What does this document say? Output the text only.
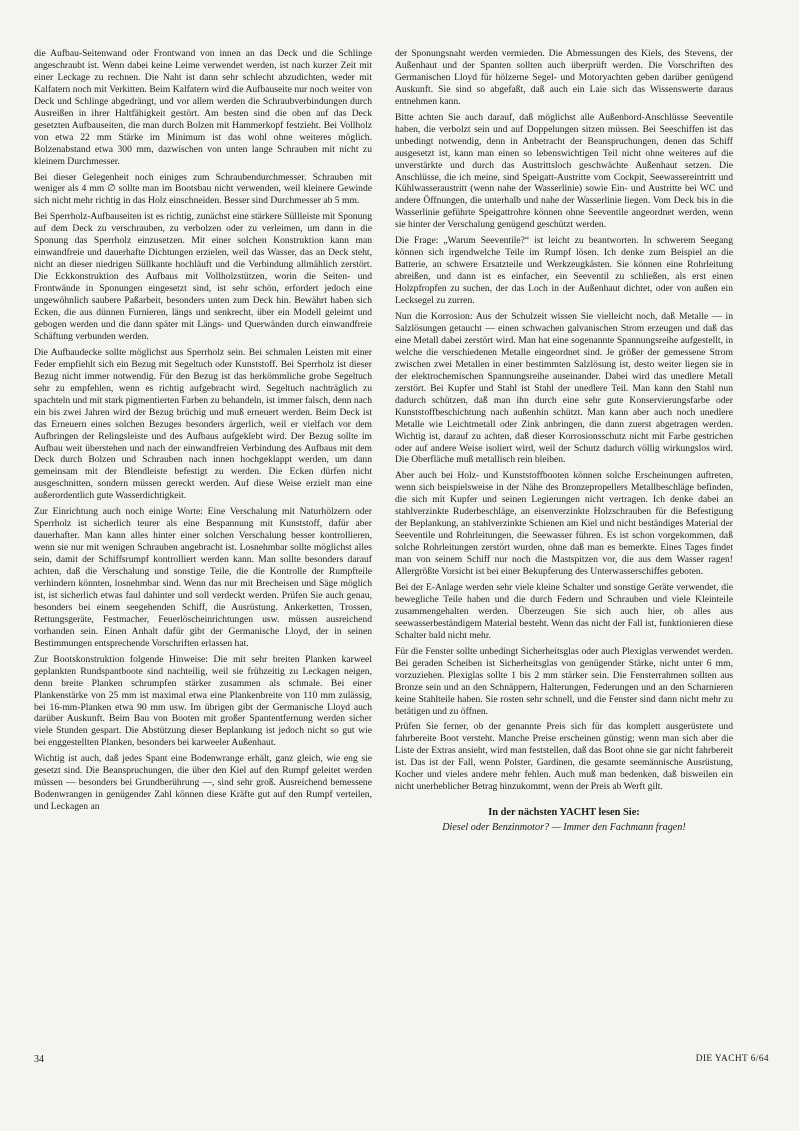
die Aufbau-Seitenwand oder Frontwand von innen an das Deck und die Schlinge angeschraubt ist. Wenn dabei keine Leime verwendet werden, ist nach kurzer Zeit mit einer Leckage zu rechnen. Die Naht ist dann sehr schlecht abzudichten, weder mit Kalfatern noch mit Verkitten. Beim Kalfatern wird die Aufbauseite nur noch weiter von Deck und Schlinge abgedrängt, und vor allem werden die Schraubverbindungen durch Ausreißen in ihrer Haltfähigkeit gestört. Am besten sind die oben auf das Deck gesetzten Aufbauseiten, die man durch Bolzen mit Hammerkopf festzieht. Bei Vollholz von etwa 22 mm Stärke im Minimum ist das wohl ohne weiteres möglich. Bolzenabstand etwa 300 mm, dazwischen von unten lange Schrauben mit nicht zu kleinem Durchmesser.

Bei dieser Gelegenheit noch einiges zum Schraubendurchmesser. Schrauben mit weniger als 4 mm ∅ sollte man im Bootsbau nicht verwenden, weil kleinere Gewinde sich nicht mehr richtig in das Holz einschneiden. Besser sind Durchmesser ab 5 mm.

Bei Sperrholz-Aufbauseiten ist es richtig, zunächst eine stärkere Süllleiste mit Sponung auf dem Deck zu verschrauben, zu verbolzen oder zu verleimen, um dann in die Sponung das Sperrholz einzusetzen. Mit einer solchen Konstruktion kann man einwandfreie und dauerhafte Dichtungen erzielen, weil das Wasser, das an Deck steht, nicht an dieser niedrigen Süllkante hochläuft und die Verbindung allmählich zerstört. Die Eckkonstruktion des Aufbaus mit Vollholzstützen, worin die Seiten- und Frontwände in Sponungen eingesetzt sind, ist sehr schön, erfordert jedoch eine ungewöhnlich saubere Paßarbeit, besonders unten zum Deck hin. Bewährt haben sich Ecken, die aus dünnen Furnieren, längs und senkrecht, über ein Modell geleimt und gebogen werden und die dann später mit Längs- und Querwänden durch einwandfreie Schäftung verbunden werden.

Die Aufbaudecke sollte möglichst aus Sperrholz sein. Bei schmalen Leisten mit einer Feder empfiehlt sich ein Bezug mit Segeltuch oder Kunststoff. Bei Sperrholz ist dieser Bezug nicht immer notwendig. Für den Bezug ist das herkömmliche grobe Segeltuch sehr zu empfehlen, wenn es richtig aufgebracht wird. Segeltuch nachträglich zu spachteln und mit stark pigmentierten Farben zu behandeln, ist immer falsch, denn nach ein bis zwei Jahren wird der Bezug brüchig und muß erneuert werden. Beim Deck ist das Erneuern eines solchen Bezuges besonders ärgerlich, weil er vielfach vor dem Aufbringen der Relingsleiste und des Aufbaus aufgeklebt wird. Der Bezug sollte im Aufbau weit überstehen und nach der einwandfreien Verbindung des Aufbaus mit dem Deck durch Bolzen und Schrauben nach innen hochgeklappt werden, um dann gemeinsam mit der Blendleiste befestigt zu werden. Die Ecken dürfen nicht ausgeschnitten, sondern müssen gereckt werden. Auf diese Weise erzielt man eine außerordentlich gute Wasserdichtigkeit.

Zur Einrichtung auch noch einige Worte: Eine Verschalung mit Naturhölzern oder Sperrholz ist sicherlich teurer als eine Bespannung mit Kunststoff, dafür aber dauerhafter. Man kann alles hinter einer solchen Verschalung besser kontrollieren, wenn sie nur mit wenigen Schrauben angebracht ist. Losnehmbar sollte möglichst alles sein, damit der Schiffsrumpf kontrolliert werden kann. Man sollte besonders darauf achten, daß die Verschalung und sonstige Teile, die die Kontrolle der Rumpfteile verhindern könnten, losnehmbar sind. Wenn das nur mit Brecheisen und Säge möglich ist, ist sicherlich etwas faul dahinter und soll verdeckt werden. Prüfen Sie auch genau, besonders bei einem seegehenden Schiff, die Ausrüstung. Ankerketten, Trossen, Rettungsgeräte, Festmacher, Feuerlöscheinrichtungen usw. müssen ausreichend vorhanden sein. Einen Anhalt dafür gibt der Germanische Lloyd, der in seinen Bestimmungen entsprechende Vorschriften erlassen hat.

Zur Bootskonstruktion folgende Hinweise: Die mit sehr breiten Planken karweel geplankten Rundspantboote sind nachteilig, weil sie frühzeitig zu Leckagen neigen, denn breite Planken schrumpfen stärker zusammen als schmale. Bei einer Plankenstärke von 25 mm ist maximal etwa eine Plankenbreite von 110 mm zulässig, bei 16-mm-Planken etwa 90 mm usw. Im übrigen gibt der Germanische Lloyd auch darüber Auskunft. Beim Bau von Booten mit großer Spantentfernung werden sicher viele Stunden gespart. Die Abstützung dieser Beplankung ist jedoch nicht so gut wie bei enggestellten Planken, besonders bei karweeler Außenhaut.

Wichtig ist auch, daß jedes Spant eine Bodenwrange erhält, ganz gleich, wie eng sie gesetzt sind. Die Beanspruchungen, die über den Kiel auf den Rumpf geleitet werden müssen — besonders bei Grundberührung —, sind sehr groß. Ausreichend bemessene Bodenwrangen in genügender Zahl können diese Kräfte gut auf den Rumpf verteilen, und Leckagen an

der Sponungsnaht werden vermieden. Die Abmessungen des Kiels, des Stevens, der Außenhaut und der Spanten sollten auch überprüft werden. Die Vorschriften des Germanischen Lloyd für hölzerne Segel- und Motoryachten geben darüber genügend Auskunft. Sie sind so abgefaßt, daß auch ein Laie sich das Wissenswerte daraus entnehmen kann.

Bitte achten Sie auch darauf, daß möglichst alle Außenbord-Anschlüsse Seeventile haben, die verbolzt sein und auf Doppelungen sitzen müssen. Bei Seeschiffen ist das unbedingt notwendig, denn in Anbetracht der Beanspruchungen, denen das Schiff ausgesetzt ist, kann man einen so lebenswichtigen Teil nicht ohne weiteres auf die unverstärkte und durch das Austrittsloch geschwächte Außenhaut setzen. Die Anschlüsse, die ich meine, sind Speigatt-Austritte vom Cockpit, Seewassereintritt und Kühlwasseraustritt (wenn nahe der Wasserlinie) sowie Ein- und Austritte bei WC und andere Öffnungen, die unterhalb und nahe der Wasserlinie liegen. Vom Deck bis in die Wasserlinie geführte Speigattrohre können ohne Seeventile angeordnet werden, wenn sie hinter der Verschalung genügend geschützt werden.

Die Frage: „Warum Seeventile?“ ist leicht zu beantworten. In schwerem Seegang können sich irgendwelche Teile im Rumpf lösen. Ich denke zum Beispiel an die Batterie, an schwere Ersatzteile und Werkzeugkästen. Sie können eine Rohrleitung abreißen, und dann ist es einfacher, ein Seeventil zu schließen, als erst einen Holzpfropfen zu suchen, der das Loch in der Außenhaut dichtet, oder von außen ein Lecksegel zu zurren.

Nun die Korrosion: Aus der Schulzeit wissen Sie vielleicht noch, daß Metalle — in Salzlösungen getaucht — einen schwachen galvanischen Strom erzeugen und daß das eine Metall dabei zerstört wird. Man hat eine sogenannte Spannungsreihe aufgestellt, in welche die verschiedenen Metalle eingeordnet sind. Je größer der gemessene Strom zwischen zwei Metallen in einer bestimmten Salzlösung ist, desto weiter liegen sie in der elektrochemischen Spannungsreihe auseinander. Dabei wird das unedlere Metall zerstört. Bei Kupfer und Stahl ist Stahl der unedlere Teil. Man kann den Stahl nun dadurch schützen, daß man ihn durch eine sehr gute Konservierungsfarbe oder Kunststoffbeschichtung nach außenhin schützt. Man kann aber auch noch unedlere Metalle wie Leichtmetall oder Zink anbringen, die dann zuerst abgetragen werden. Wichtig ist, darauf zu achten, daß dieser Korrosionsschutz nicht mit Farbe gestrichen oder auf andere Weise isoliert wird, weil der Schutz dadurch völlig wirkungslos wird. Die Oberfläche muß metallisch rein bleiben.

Aber auch bei Holz- und Kunststoffbooten können solche Erscheinungen auftreten, wenn sich beispielsweise in der Nähe des Bronzepropellers Metallbeschläge befinden, die sich mit Kupfer und seinen Legierungen nicht vertragen. Ich denke dabei an stahlverzinkte Ruderbeschläge, an eisenverzinkte Holzschrauben für die Befestigung der Beplankung, an stahlverzinkte Schienen am Kiel und nicht beständiges Material der Seeventile und Rohrleitungen, die Seewasser führen. Es ist schon vorgekommen, daß solche Rohrleitungen zerstört wurden, ohne daß man es bemerkte. Eines Tages findet man von seinem Schiff nur noch die Mastspitzen vor, die aus dem Wasser ragen! Allergrößte Vorsicht ist bei einer Bekupferung des Unterwasserschiffes geboten.

Bei der E-Anlage werden sehr viele kleine Schalter und sonstige Geräte verwendet, die bewegliche Teile haben und die durch Federn und Schrauben und viele Kleinteile zusammengehalten werden. Überzeugen Sie sich auch hier, ob alles aus seewasserbeständigem Material besteht. Wenn das nicht der Fall ist, funktionieren diese Schalter bald nicht mehr.

Für die Fenster sollte unbedingt Sicherheitsglas oder auch Plexiglas verwendet werden. Bei geraden Scheiben ist Sicherheitsglas von genügender Stärke, nicht unter 6 mm, vorzuziehen. Plexiglas sollte 1 bis 2 mm stärker sein. Die Fensterrahmen sollten aus Bronze sein und an den Schnäppern, Halterungen, Federungen und an den Scharnieren keine Stahlteile haben. Sie rosten sehr schnell, und die Fenster sind dann nicht mehr zu betätigen und zu öffnen.

Prüfen Sie ferner, ob der genannte Preis sich für das komplett ausgerüstete und fahrbereite Boot versteht. Manche Preise erscheinen günstig; wenn man sich aber die Liste der Extras ansieht, wird man feststellen, daß das Boot ohne sie gar nicht fahrbereit ist. Das ist der Fall, wenn Polster, Gardinen, die gesamte seemännische Ausrüstung, Kocher und vieles andere mehr fehlen. Auch muß man bedenken, daß bisweilen ein nicht unerheblicher Betrag hinzukommt, wenn der Preis ab Werft gilt.

In der nächsten YACHT lesen Sie:
Diesel oder Benzinmotor? — Immer den Fachmann fragen!
34	DIE YACHT 6/64
